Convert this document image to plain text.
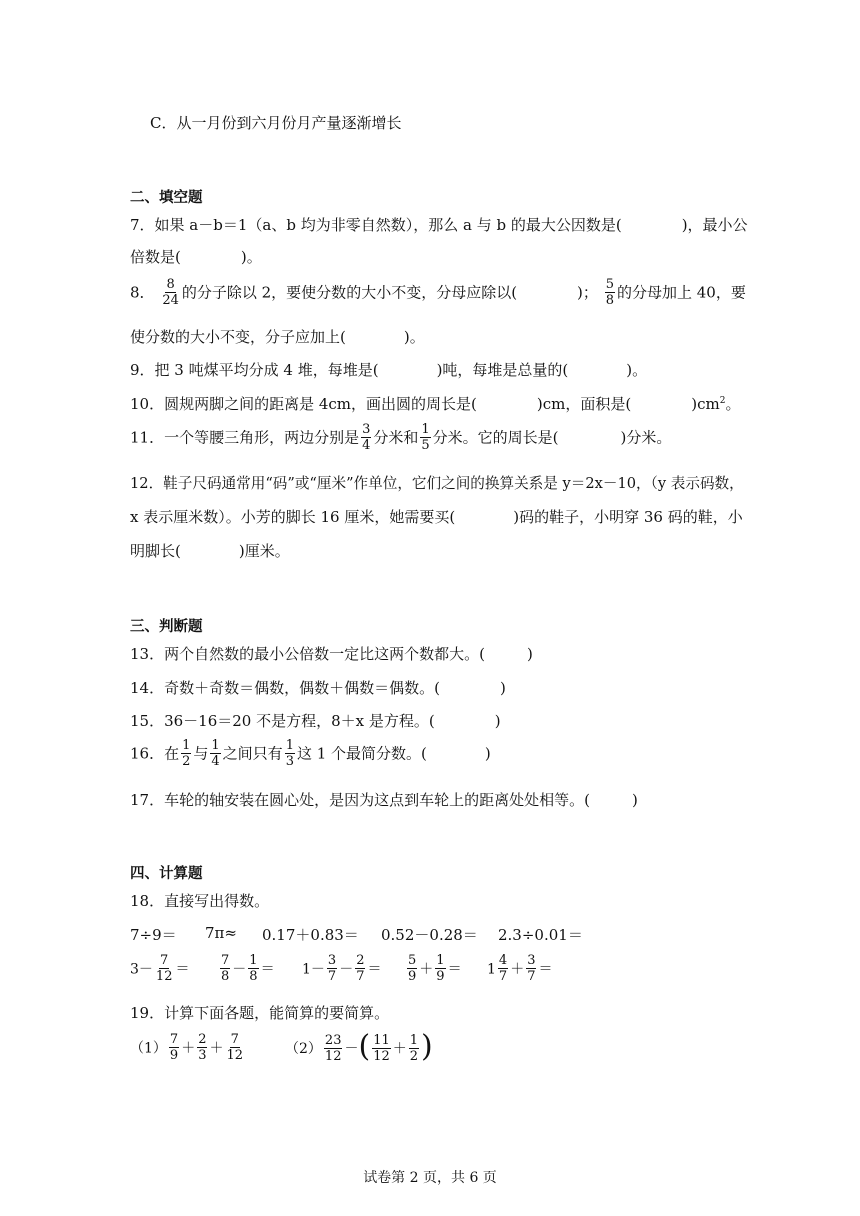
C．从一月份到六月份月产量逐渐增长
二、填空题
7．如果 a－b＝1（a、b 均为非零自然数），那么 a 与 b 的最大公因数是(	)，最小公
倍数是(	)。
8． $\frac{8}{24}$ 的分子除以 2，要使分数的大小不变，分母应除以(	)； $\frac{5}{8}$ 的分母加上 40，要
使分数的大小不变，分子应加上(	)。
9．把 3 吨煤平均分成 4 堆，每堆是(	)吨，每堆是总量的(	)。
10．圆规两脚之间的距离是 4cm，画出圆的周长是(	)cm，面积是(	)$cm^2$。
11．一个等腰三角形，两边分别是 $\frac{3}{4}$ 分米和 $\frac{1}{5}$ 分米。它的周长是(	)分米。
12．鞋子尺码通常用“码”或“厘米”作单位，它们之间的换算关系是 y＝2x－10，（y 表示码数，
x 表示厘米数）。小芳的脚长 16 厘米，她需要买(	)码的鞋子，小明穿 36 码的鞋，小
明脚长(	)厘米。
三、判断题
13．两个自然数的最小公倍数一定比这两个数都大。(	)
14．奇数＋奇数＝偶数，偶数＋偶数＝偶数。(	)
15．36－16＝20 不是方程，8＋x 是方程。(	)
16．在 $\frac{1}{2}$ 与 $\frac{1}{4}$ 之间只有 $\frac{1}{3}$ 这 1 个最简分数。(	)
17．车轮的轴安装在圆心处，是因为这点到车轮上的距离处处相等。(	)
四、计算题
18．直接写出得数。
7÷9＝ 7π≈ 0.17＋0.83＝ 0.52－0.28＝ 2.3÷0.01＝
$3- \frac{7}{12} = \frac{7}{8} - \frac{1}{8} = 1- \frac{3}{7} - \frac{2}{7} = \frac{5}{9} + \frac{1}{9} = 1 \frac{4}{7} + \frac{3}{7}$ ＝
19．计算下面各题，能简算的要简算。
$(1) \frac{7}{9} + \frac{2}{3} + \frac{7}{12}$	$(2) \frac{23}{12}$ －( $\frac{11}{12} + \frac{1}{2}$ )
试卷第 2 页，共 6 页
